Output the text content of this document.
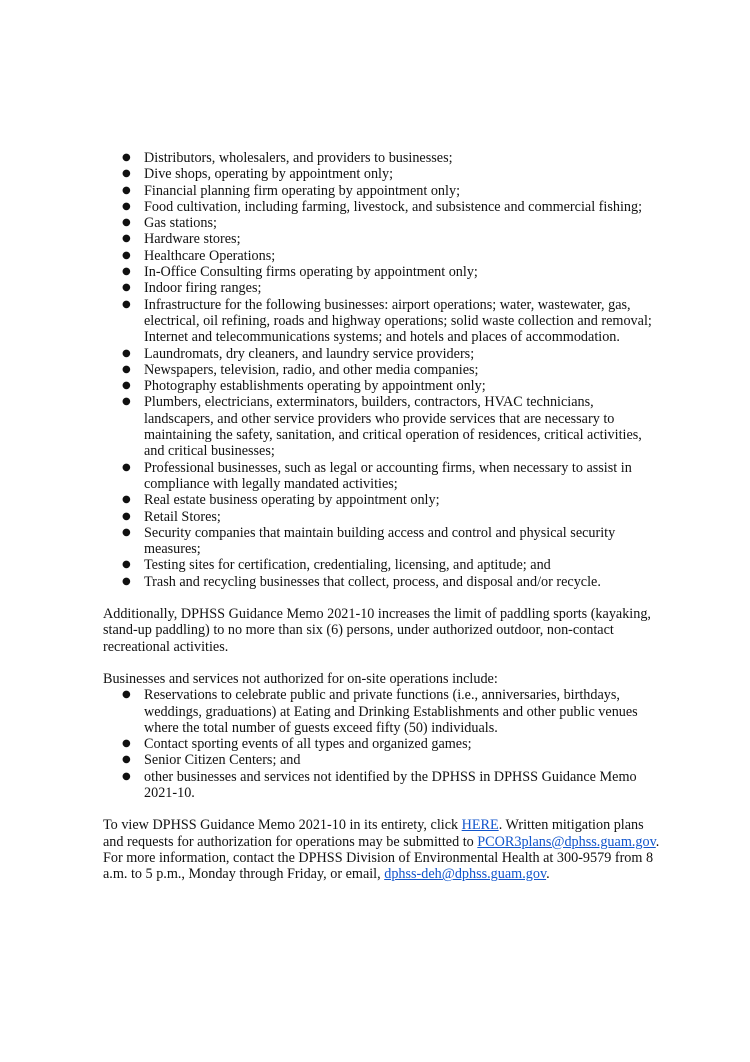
● Distributors, wholesalers, and providers to businesses;
● Dive shops, operating by appointment only;
● Financial planning firm operating by appointment only;
● Food cultivation, including farming, livestock, and subsistence and commercial fishing;
● Gas stations;
● Hardware stores;
● Healthcare Operations;
● In-Office Consulting firms operating by appointment only;
● Indoor firing ranges;
● Infrastructure for the following businesses: airport operations; water, wastewater, gas, electrical, oil refining, roads and highway operations; solid waste collection and removal; Internet and telecommunications systems; and hotels and places of accommodation.
● Laundromats, dry cleaners, and laundry service providers;
● Newspapers, television, radio, and other media companies;
● Photography establishments operating by appointment only;
● Plumbers, electricians, exterminators, builders, contractors, HVAC technicians, landscapers, and other service providers who provide services that are necessary to maintaining the safety, sanitation, and critical operation of residences, critical activities, and critical businesses;
● Professional businesses, such as legal or accounting firms, when necessary to assist in compliance with legally mandated activities;
● Real estate business operating by appointment only;
● Retail Stores;
● Security companies that maintain building access and control and physical security measures;
● Testing sites for certification, credentialing, licensing, and aptitude; and
● Trash and recycling businesses that collect, process, and disposal and/or recycle.

Additionally, DPHSS Guidance Memo 2021-10 increases the limit of paddling sports (kayaking, stand-up paddling) to no more than six (6) persons, under authorized outdoor, non-contact recreational activities.

Businesses and services not authorized for on-site operations include:

● Reservations to celebrate public and private functions (i.e., anniversaries, birthdays, weddings, graduations) at Eating and Drinking Establishments and other public venues where the total number of guests exceed fifty (50) individuals.
● Contact sporting events of all types and organized games;
● Senior Citizen Centers; and
● other businesses and services not identified by the DPHSS in DPHSS Guidance Memo 2021-10.

To view DPHSS Guidance Memo 2021-10 in its entirety, click HERE. Written mitigation plans and requests for authorization for operations may be submitted to PCOR3plans@dphss.guam.gov. For more information, contact the DPHSS Division of Environmental Health at 300-9579 from 8 a.m. to 5 p.m., Monday through Friday, or email, dphss-deh@dphss.guam.gov.
